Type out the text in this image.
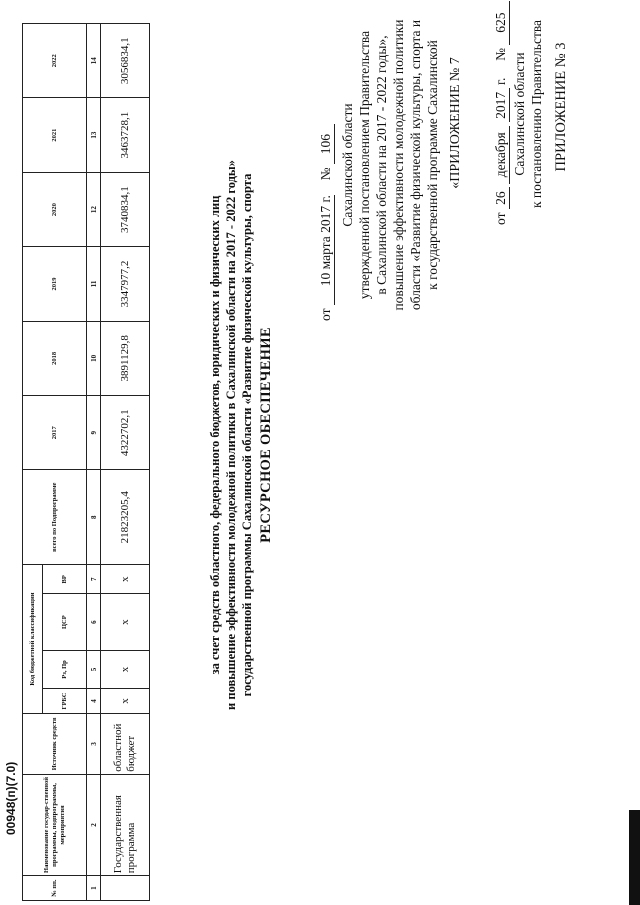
ПРИЛОЖЕНИЕ № 3
к постановлению Правительства
Сахалинской области
от 26 декабря 2017 г.  № 625
«ПРИЛОЖЕНИЕ № 7
к государственной программе Сахалинской
области «Развитие физической культуры, спорта и
повышение эффективности молодежной политики
в Сахалинской области на 2017 - 2022 годы»,
утвержденной постановлением Правительства
Сахалинской области
от 10 марта 2017 г.  № 106
РЕСУРСНОЕ ОБЕСПЕЧЕНИЕ
государственной программы Сахалинской области «Развитие физической культуры, спорта
и повышение эффективности молодежной политики в Сахалинской области на 2017 - 2022 годы»
за счет средств областного, федерального бюджетов, юридических и физических лиц
№ пп.	Наименование государ-ственной программы, подпрограммы, мероприятия	Источник средств	Код бюджетной классификации				всего по Подпрограмме	2017	2018	2019	2020	2021	2022
			ГРБС	Рз, Пр	ЦСР	ВР							
1	2	3	4	5	6	7	8	9	10	11	12	13	14
	Государственная программа	областной бюджет	х	х	х	х	21823205,4	4322702,1	3891129,8	3347977,2	3740834,1	3463728,1	3056834,1
00948(п)(7.0)
